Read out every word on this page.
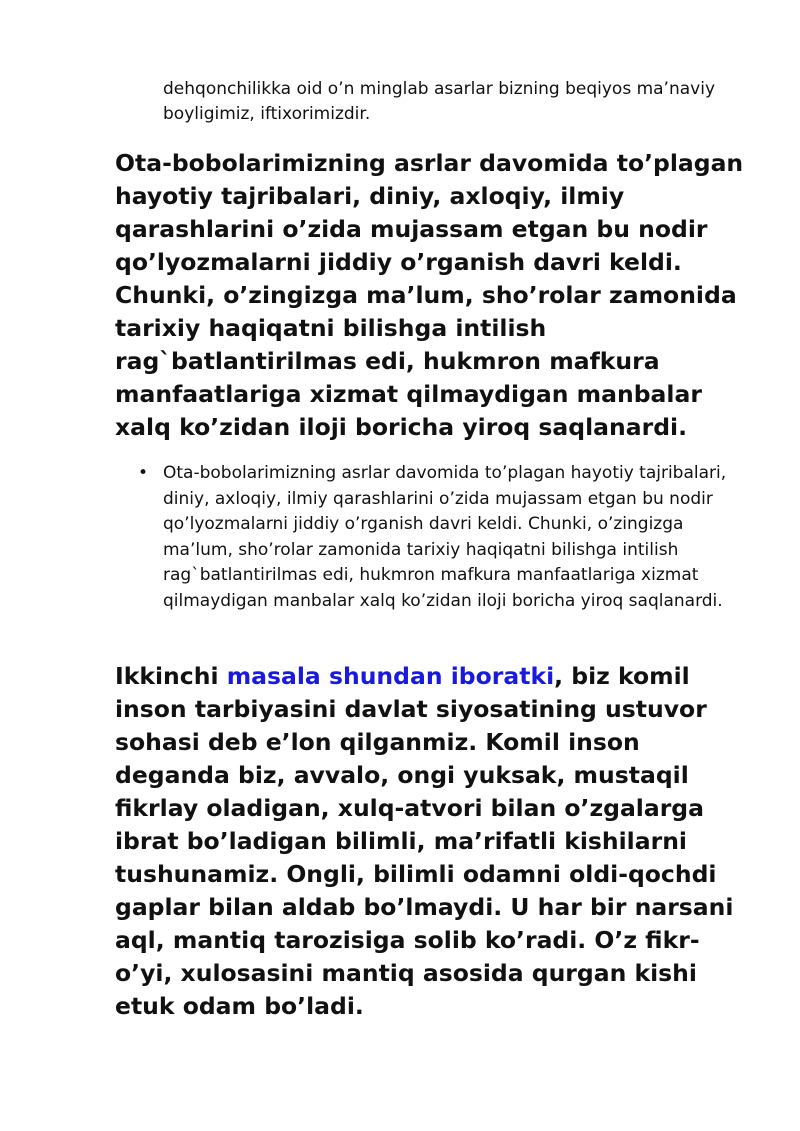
dehqonchilikka oid o’n minglab asarlar bizning beqiyos ma’naviy boyligimiz, iftixorimizdir.

Ota-bobolarimizning asrlar davomida to’plagan hayotiy tajribalari, diniy, axloqiy, ilmiy qarashlarini o’zida mujassam etgan bu nodir qo’lyozmalarni jiddiy o’rganish davri keldi. Chunki, o’zingizga ma’lum, sho’rolar zamonida tarixiy haqiqatni bilishga intilish rag`batlantirilmas edi, hukmron mafkura manfaatlariga xizmat qilmaydigan manbalar xalq ko’zidan iloji boricha yiroq saqlanardi.

• Ota-bobolarimizning asrlar davomida to’plagan hayotiy tajribalari, diniy, axloqiy, ilmiy qarashlarini o’zida mujassam etgan bu nodir qo’lyozmalarni jiddiy o’rganish davri keldi. Chunki, o’zingizga ma’lum, sho’rolar zamonida tarixiy haqiqatni bilishga intilish rag`batlantirilmas edi, hukmron mafkura manfaatlariga xizmat qilmaydigan manbalar xalq ko’zidan iloji boricha yiroq saqlanardi.

Ikkinchi masala shundan iboratki, biz komil inson tarbiyasini davlat siyosatining ustuvor sohasi deb e’lon qilganmiz. Komil inson deganda biz, avvalo, ongi yuksak, mustaqil fikrlay oladigan, xulq-atvori bilan o’zgalarga ibrat bo’ladigan bilimli, ma’rifatli kishilarni tushunamiz. Ongli, bilimli odamni oldi-qochdi gaplar bilan aldab bo’lmaydi. U har bir narsani aql, mantiq tarozisiga solib ko’radi. O’z fikr-o’yi, xulosasini mantiq asosida qurgan kishi etuk odam bo’ladi.
